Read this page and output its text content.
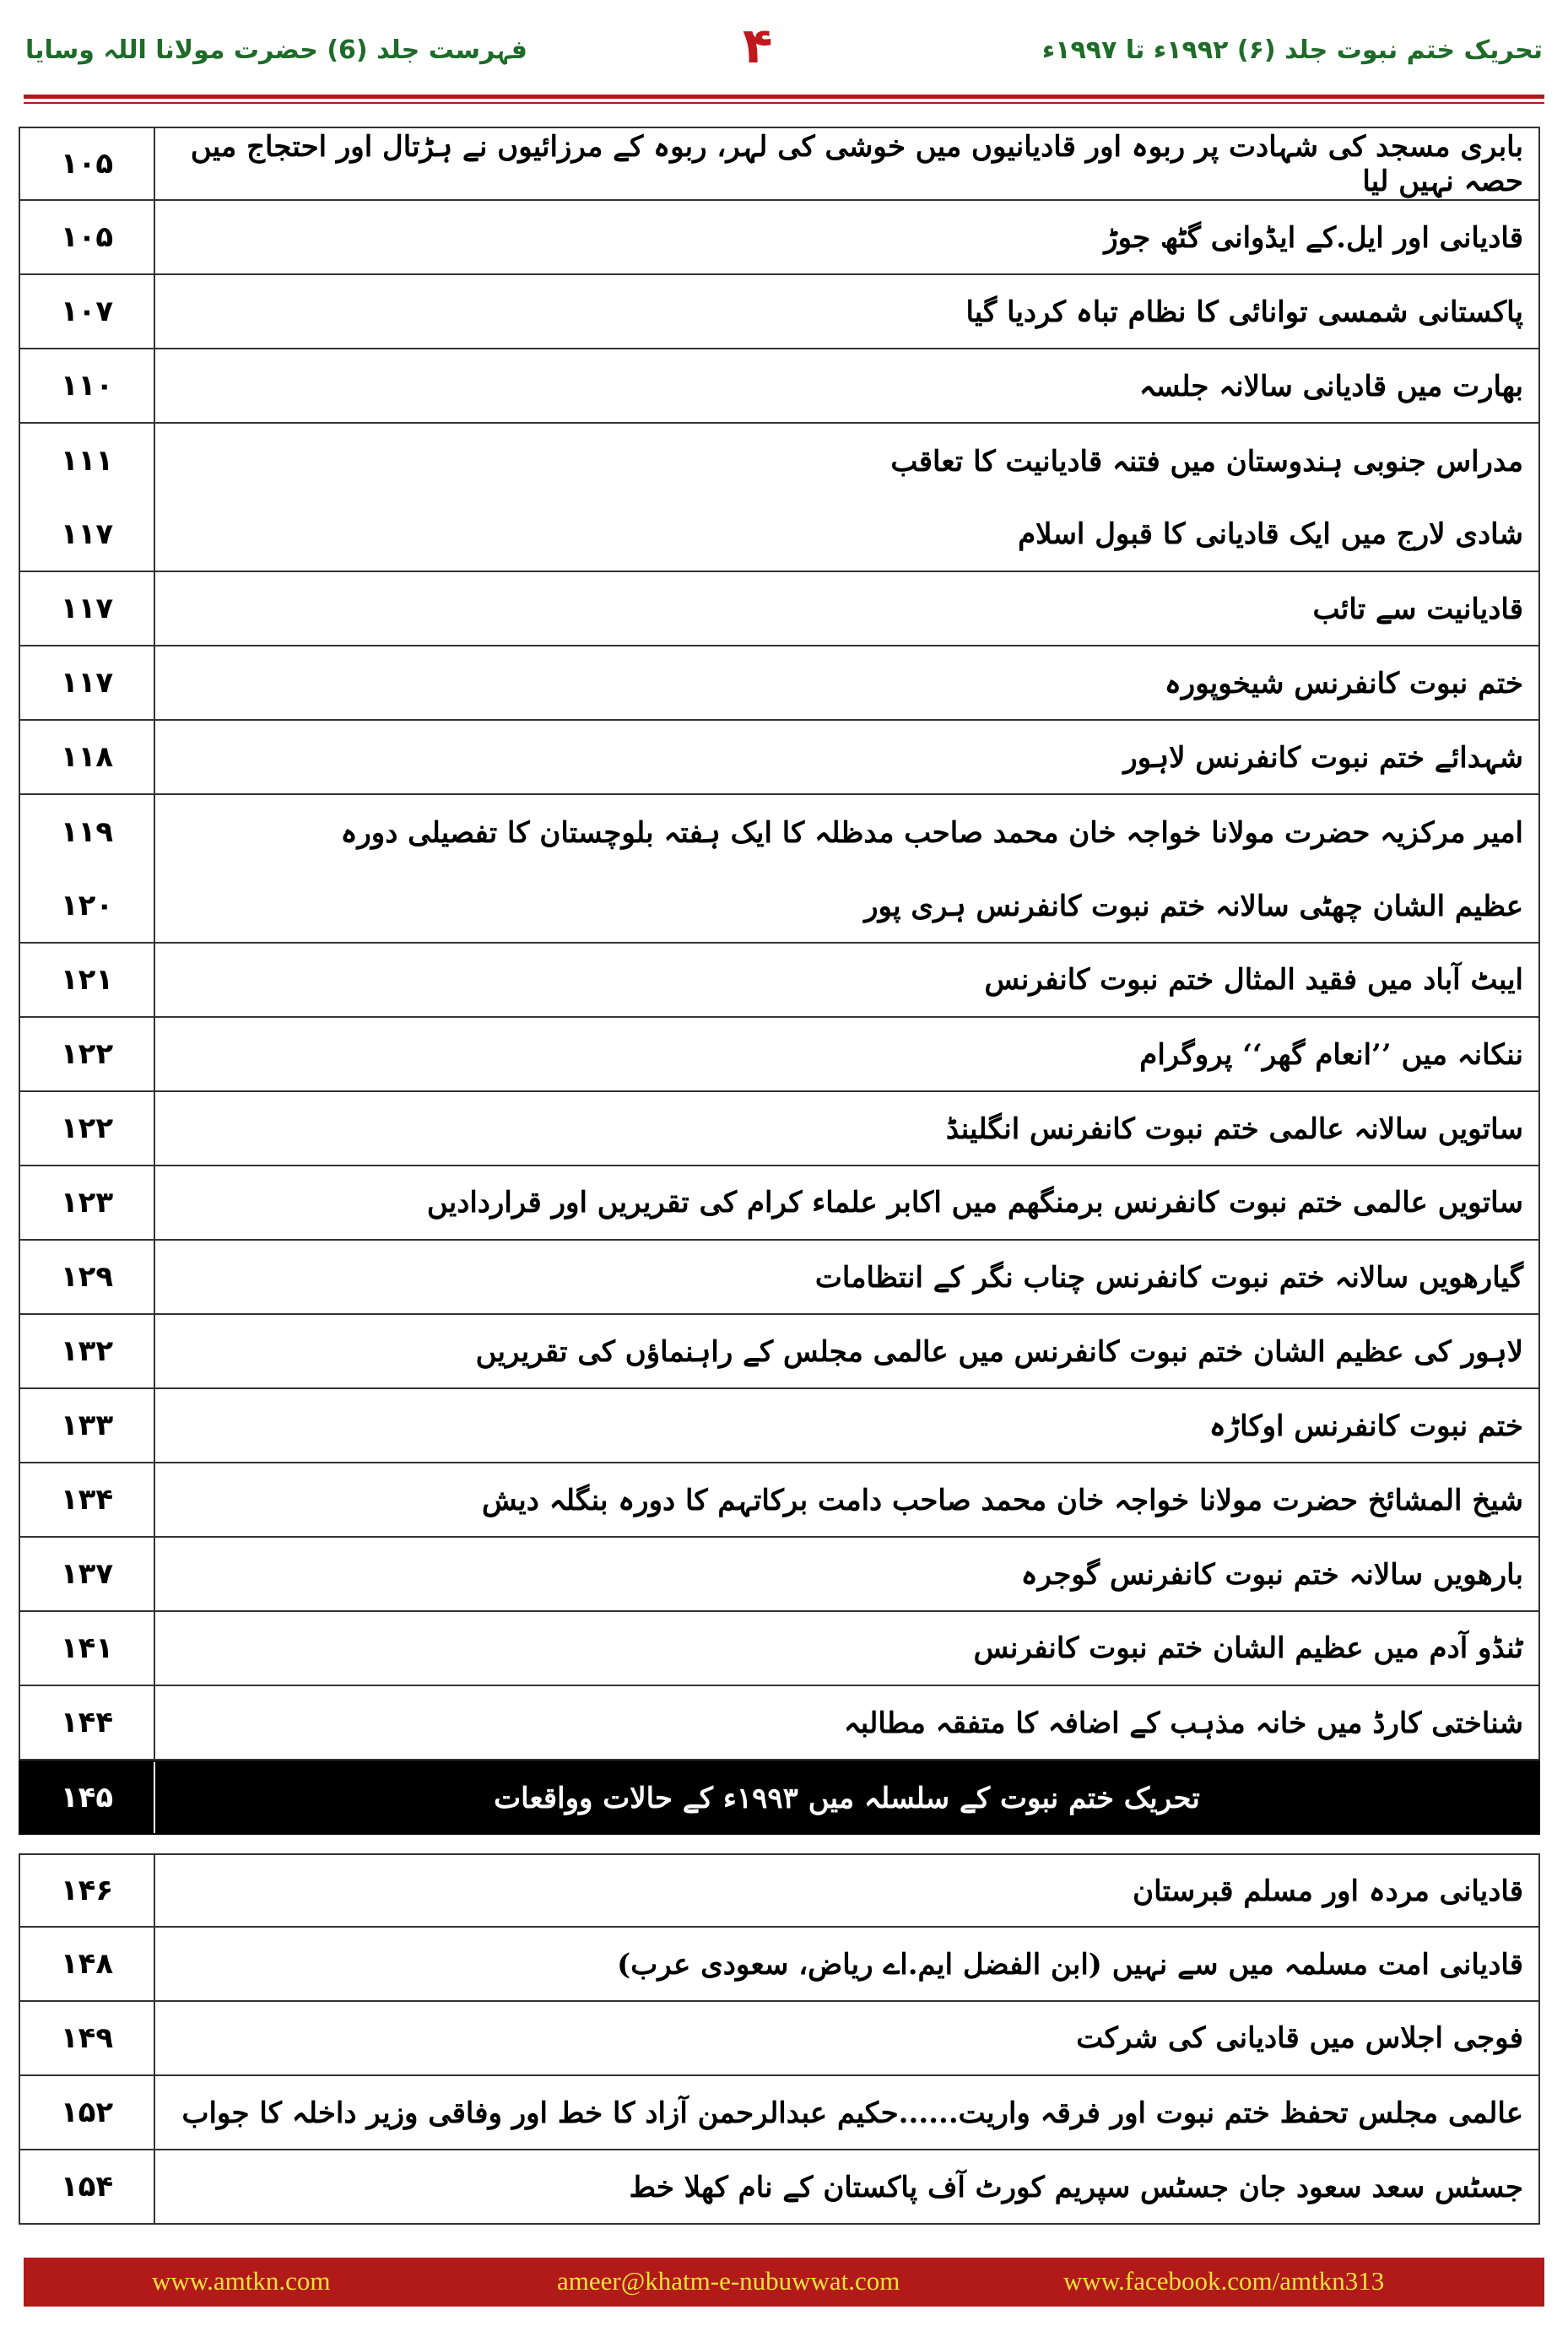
فہرست جلد (6) حضرت مولانا اللہ وسایا	۴	تحریک ختم نبوت جلد (۶) ۱۹۹۲ء تا ۱۹۹۷ء
۱۰۵	بابری مسجد کی شہادت پر ربوہ اور قادیانیوں میں خوشی کی لہر، ربوہ کے مرزائیوں نے ہڑتال اور احتجاج میں حصہ نہیں لیا
۱۰۵	قادیانی اور ایل.کے ایڈوانی گٹھ جوڑ
۱۰۷	پاکستانی شمسی توانائی کا نظام تباہ کردیا گیا
۱۱۰	بھارت میں قادیانی سالانہ جلسہ
۱۱۱	مدراس جنوبی ہندوستان میں فتنہ قادیانیت کا تعاقب
۱۱۷	شادی لارج میں ایک قادیانی کا قبول اسلام
۱۱۷	قادیانیت سے تائب
۱۱۷	ختم نبوت کانفرنس شیخوپورہ
۱۱۸	شہدائے ختم نبوت کانفرنس لاہور
۱۱۹	امیر مرکزیہ حضرت مولانا خواجہ خان محمد صاحب مدظلہ کا ایک ہفتہ بلوچستان کا تفصیلی دورہ
۱۲۰	عظیم الشان چھٹی سالانہ ختم نبوت کانفرنس ہری پور
۱۲۱	ایبٹ آباد میں فقید المثال ختم نبوت کانفرنس
۱۲۲	ننکانہ میں ’’انعام گھر‘‘ پروگرام
۱۲۲	ساتویں سالانہ عالمی ختم نبوت کانفرنس انگلینڈ
۱۲۳	ساتویں عالمی ختم نبوت کانفرنس برمنگھم میں اکابر علماء کرام کی تقریریں اور قراردادیں
۱۲۹	گیارھویں سالانہ ختم نبوت کانفرنس چناب نگر کے انتظامات
۱۳۲	لاہور کی عظیم الشان ختم نبوت کانفرنس میں عالمی مجلس کے راہنماؤں کی تقریریں
۱۳۳	ختم نبوت کانفرنس اوکاڑہ
۱۳۴	شیخ المشائخ حضرت مولانا خواجہ خان محمد صاحب دامت برکاتہم کا دورہ بنگلہ دیش
۱۳۷	بارھویں سالانہ ختم نبوت کانفرنس گوجرہ
۱۴۱	ٹنڈو آدم میں عظیم الشان ختم نبوت کانفرنس
۱۴۴	شناختی کارڈ میں خانہ مذہب کے اضافہ کا متفقہ مطالبہ
۱۴۵	تحریک ختم نبوت کے سلسلہ میں ۱۹۹۳ء کے حالات وواقعات
۱۴۶	قادیانی مردہ اور مسلم قبرستان
۱۴۸	قادیانی امت مسلمہ میں سے نہیں (ابن الفضل ایم.اے ریاض، سعودی عرب)
۱۴۹	فوجی اجلاس میں قادیانی کی شرکت
۱۵۲	عالمی مجلس تحفظ ختم نبوت اور فرقہ واریت......حکیم عبدالرحمن آزاد کا خط اور وفاقی وزیر داخلہ کا جواب
۱۵۴	جسٹس سعد سعود جان جسٹس سپریم کورٹ آف پاکستان کے نام کھلا خط
www.amtkn.com	ameer@khatm-e-nubuwwat.com	www.facebook.com/amtkn313
